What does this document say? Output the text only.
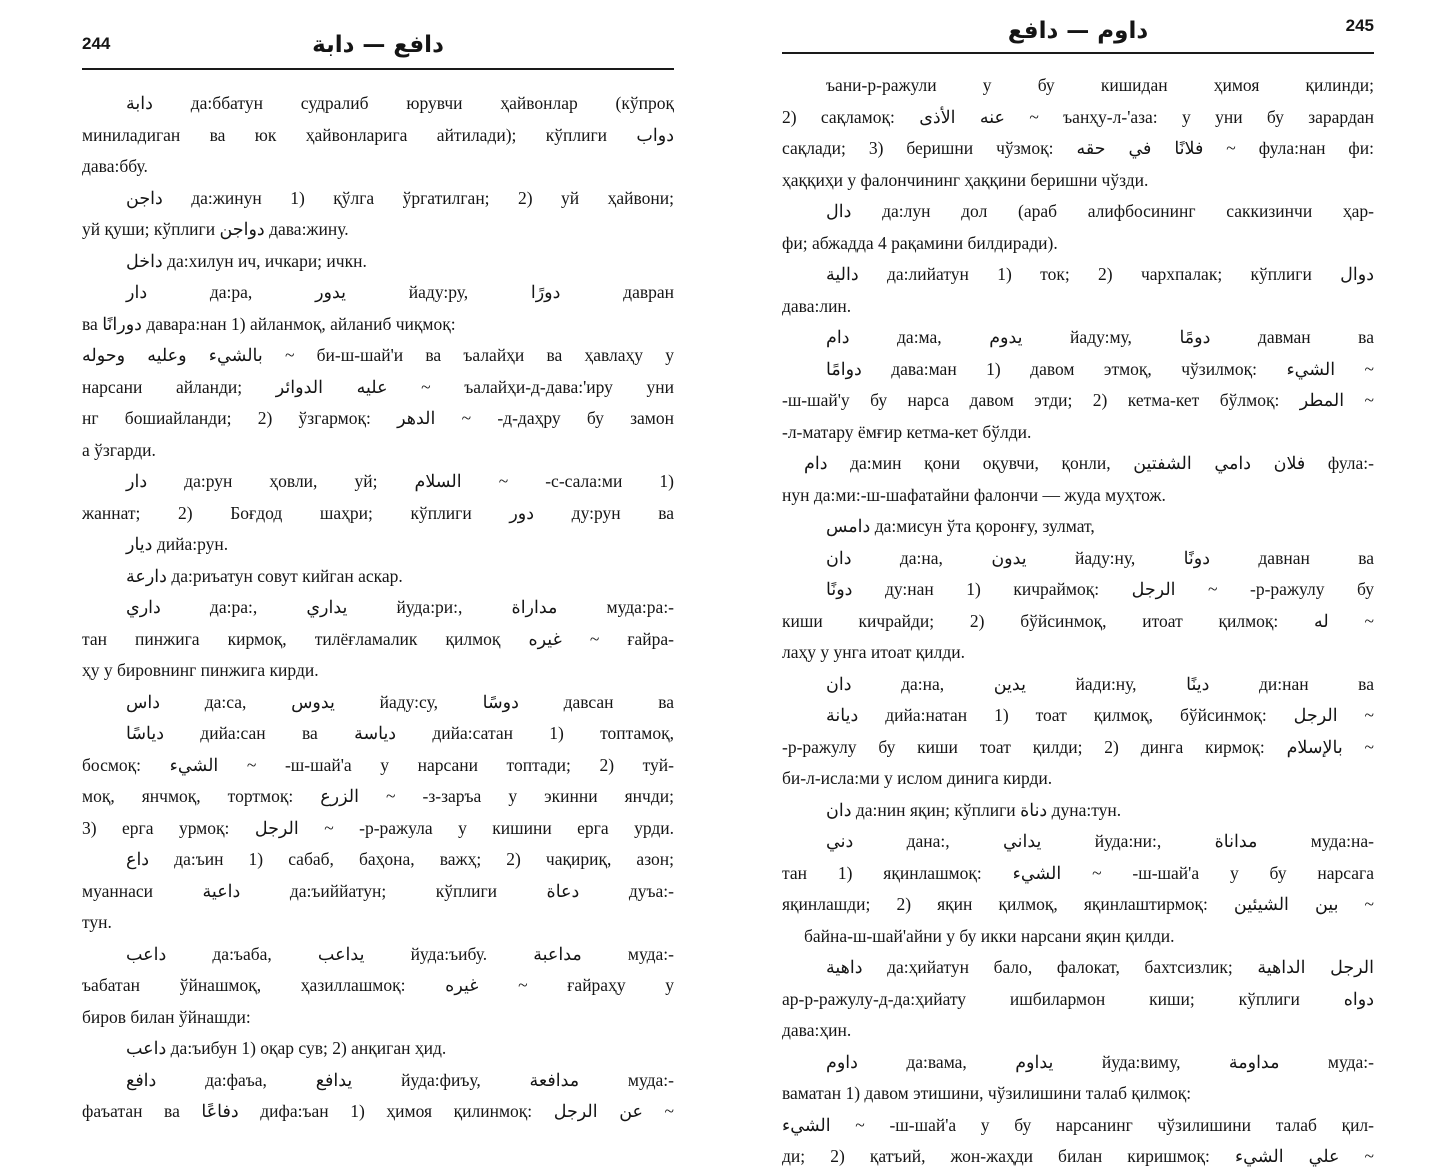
244	دافع — دابة
دابة да:ббатун судралиб юрувчи ҳайвонлар (кўпроқ
миниладиган ва юк ҳайвонларига айтилади); кўплиги دواب
дава:ббу.
داجن да:жинун 1) қўлга ўргатилган; 2) уй ҳайвони;
уй қуши; кўплиги دواجن дава:жину.
داخل да:хилун ич, ичкари; ичкн.
دار да:ра, يدور йаду:ру, دورًا давран
ва دورانًا давара:нан 1) айланмоқ, айланиб чиқмоқ:
بالشيء وعليه وحوله ~ би-ш-шай'и ва ъалайҳи ва ҳавлаҳу у
нарсани айланди; عليه الدوائر ~ ъалайҳи-д-дава:'иру уни
нг бошиайланди; 2) ўзгармоқ: الدهر ~ -д-даҳру бу замон
а ўзгарди.
دار да:рун ҳовли, уй; السلام ~ -с-сала:ми 1)
жаннат; 2) Боғдод шаҳри; кўплиги دور ду:рун ва
ديار дийа:рун.
دارعة да:риъатун совут кийган аскар.
داري да:ра:, يداري йуда:ри:, مداراة муда:ра:-
тан пинжига кирмоқ, тилёғламалик қилмоқ غيره ~ ғайра-
ҳу у бировнинг пинжига кирди.
داس да:са, يدوس йаду:су, دوسًا давсан ва
دياسًا дийа:сан ва دياسة дийа:сатан 1) топтамоқ,
босмоқ: الشيء ~ -ш-шай'а у нарсани топтади; 2) туй-
моқ, янчмоқ, тортмоқ: الزرع ~ -з-заръа у экинни янчди;
3) ерга урмоқ: الرجل ~ -р-ражула у кишини ерга урди.
داع да:ъин 1) сабаб, баҳона, важҳ; 2) чақириқ, азон;
муаннаси داعية да:ъиййатун; кўплиги دعاة дуъа:-
тун.
داعب да:ъаба, يداعب йуда:ъибу. مداعبة муда:-
ъабатан ўйнашмоқ, ҳазиллашмоқ: غيره ~ ғайраҳу у
биров билан ўйнашди:
داعب да:ъибун 1) оқар сув; 2) анқиган ҳид.
دافع да:фаъа, يدافع йуда:фиъу, مدافعة муда:-
фаъатан ва دفاعًا дифа:ъан 1) ҳимоя қилинмоқ: عن الرجل ~
245
داوم — دافع
ъани-р-ражули у бу кишидан ҳимоя қилинди;
2) сақламоқ: عنه الأذى ~ ъанҳу-л-'аза: у уни бу зарардан
сақлади; 3) беришни чўзмоқ: فلانًا في حقه ~ фула:нан фи:
ҳаққиҳи у фалончининг ҳаққини беришни чўзди.
دال да:лун дол (араб алифбосининг саккизинчи ҳар-
фи; абжадда 4 рақамини билдиради).
دالية да:лийатун 1) ток; 2) чархпалак; кўплиги دوال
дава:лин.
دام да:ма, يدوم йаду:му, دومًا давман ва
دوامًا дава:ман 1) давом этмоқ, чўзилмоқ: الشيء ~
-ш-шай'у бу нарса давом этди; 2) кетма-кет бўлмоқ: المطر ~
-л-матару ёмғир кетма-кет бўлди.
دام да:мин қони оқувчи, қонли, فلان دامي الشفتين фула:-
нун да:ми:-ш-шафатайни фалончи — жуда муҳтож.
دامس да:мисун ўта қоронғу, зулмат,
دان да:на, يدون йаду:ну, دونًا давнан ва
دونًا ду:нан 1) кичраймоқ: الرجل ~ -р-ражулу бу
киши кичрайди; 2) бўйсинмоқ, итоат қилмоқ: له ~
лаҳу у унга итоат қилди.
دان да:на, يدين йади:ну, دينًا ди:нан ва
ديانة дийа:натан 1) тоат қилмоқ, бўйсинмоқ: الرجل ~
-р-ражулу бу киши тоат қилди; 2) динга кирмоқ: بالإسلام ~
би-л-исла:ми у ислом динига кирди.
دان да:нин яқин; кўплиги دناة дуна:тун.
دني дана:, يداني йуда:ни:, مداناة муда:на-
тан 1) яқинлашмоқ: الشيء ~ -ш-шай'а у бу нарсага
яқинлашди; 2) яқин қилмоқ, яқинлаштирмоқ: بين الشيئين ~
байна-ш-шай'айни у бу икки нарсани яқин қилди.
داهية да:ҳийатун бало, фалокат, бахтсизлик; الرجل الداهية
ар-р-ражулу-д-да:ҳийату ишбилармон киши; кўплиги دواه
дава:ҳин.
داوم да:вама, يداوم йуда:виму, مداومة муда:-
ваматан 1) давом этишини, чўзилишини талаб қилмоқ:
الشيء ~ -ш-шай'а у бу нарсанинг чўзилишини талаб қил-
ди; 2) қатъий, жон-жаҳди билан киришмоқ: علي الشيء ~
